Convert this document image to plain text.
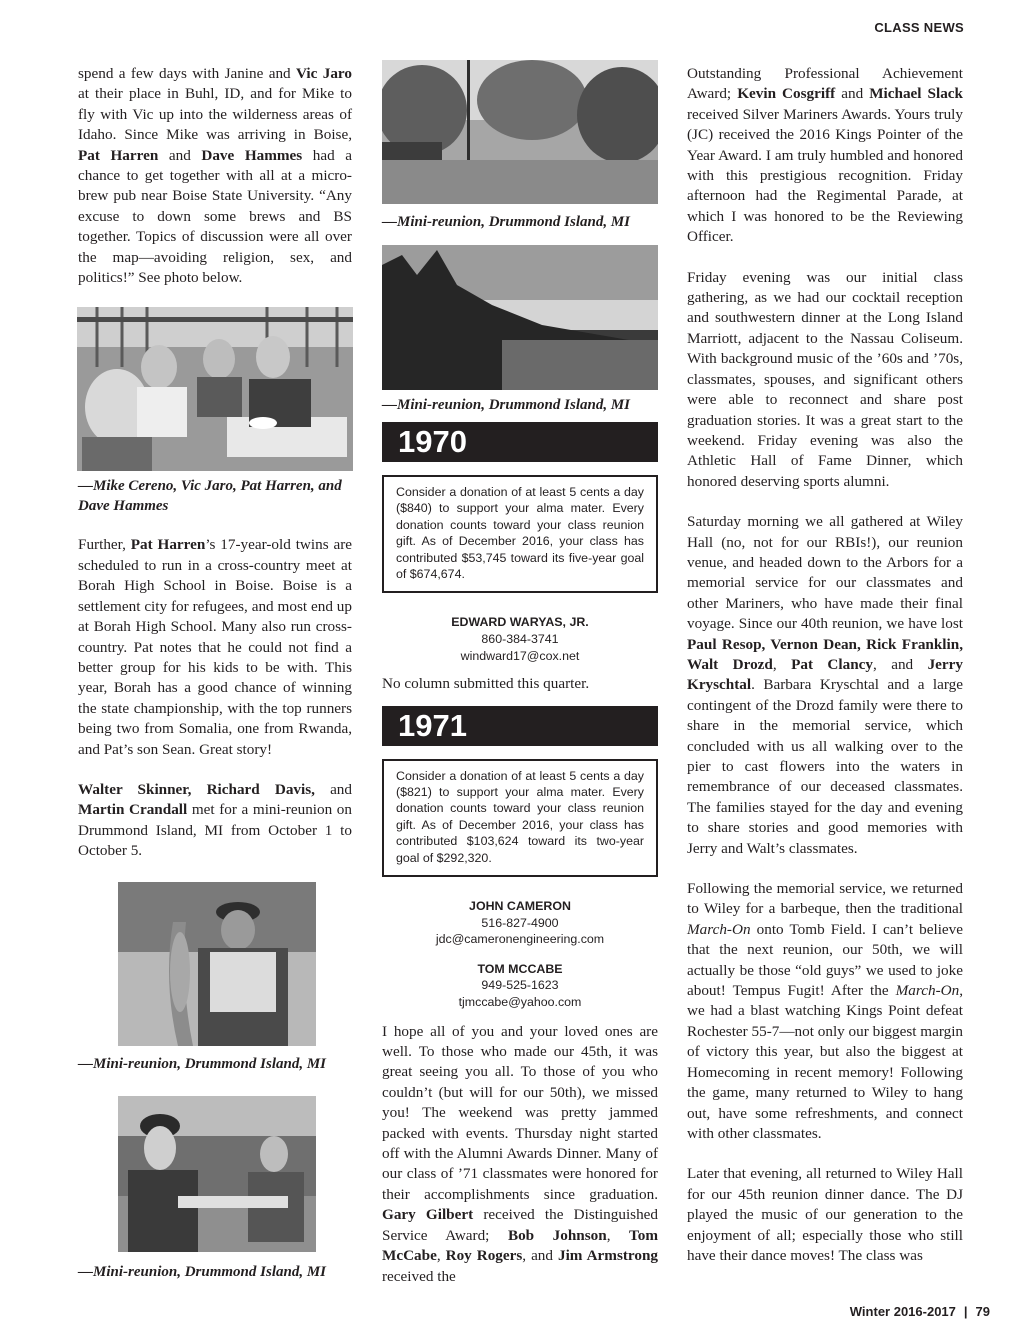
CLASS NEWS

spend a few days with Janine and Vic Jaro at their place in Buhl, ID, and for Mike to fly with Vic up into the wilderness areas of Idaho. Since Mike was arriving in Boise, Pat Harren and Dave Hammes had a chance to get together with all at a micro-brew pub near Boise State University. “Any excuse to down some brews and BS together. Topics of discussion were all over the map—avoiding religion, sex, and politics!” See photo below.

—Mike Cereno, Vic Jaro, Pat Harren, and Dave Hammes

Further, Pat Harren’s 17-year-old twins are scheduled to run in a cross-country meet at Borah High School in Boise. Boise is a settlement city for refugees, and most end up at Borah High School. Many also run cross-country. Pat notes that he could not find a better group for his kids to be with. This year, Borah has a good chance of winning the state championship, with the top runners being two from Somalia, one from Rwanda, and Pat’s son Sean. Great story!

Walter Skinner, Richard Davis, and Martin Crandall met for a mini-reunion on Drummond Island, MI from October 1 to October 5.

—Mini-reunion, Drummond Island, MI

—Mini-reunion, Drummond Island, MI

—Mini-reunion, Drummond Island, MI

—Mini-reunion, Drummond Island, MI

1970
Consider a donation of at least 5 cents a day ($840) to support your alma mater. Every donation counts toward your class reunion gift. As of December 2016, your class has contributed $53,745 toward its five-year goal of $674,674.
EDWARD WARYAS, JR.
860-384-3741
windward17@cox.net

No column submitted this quarter.

1971
Consider a donation of at least 5 cents a day ($821) to support your alma mater. Every donation counts toward your class reunion gift. As of December 2016, your class has contributed $103,624 toward its two-year goal of $292,320.
JOHN CAMERON
516-827-4900
jdc@cameronengineering.com
TOM MCCABE
949-525-1623
tjmccabe@yahoo.com

I hope all of you and your loved ones are well. To those who made our 45th, it was great seeing you all. To those of you who couldn’t (but will for our 50th), we missed you! The weekend was pretty jammed packed with events. Thursday night started off with the Alumni Awards Dinner. Many of our class of ’71 classmates were honored for their accomplishments since graduation. Gary Gilbert received the Distinguished Service Award; Bob Johnson, Tom McCabe, Roy Rogers, and Jim Armstrong received the

Outstanding Professional Achievement Award; Kevin Cosgriff and Michael Slack received Silver Mariners Awards. Yours truly (JC) received the 2016 Kings Pointer of the Year Award. I am truly humbled and honored with this prestigious recognition. Friday afternoon had the Regimental Parade, at which I was honored to be the Reviewing Officer.

Friday evening was our initial class gathering, as we had our cocktail reception and southwestern dinner at the Long Island Marriott, adjacent to the Nassau Coliseum. With background music of the ’60s and ’70s, classmates, spouses, and significant others were able to reconnect and share post graduation stories. It was a great start to the weekend. Friday evening was also the Athletic Hall of Fame Dinner, which honored deserving sports alumni.

Saturday morning we all gathered at Wiley Hall (no, not for our RBIs!), our reunion venue, and headed down to the Arbors for a memorial service for our classmates and other Mariners, who have made their final voyage. Since our 40th reunion, we have lost Paul Resop, Vernon Dean, Rick Franklin, Walt Drozd, Pat Clancy, and Jerry Kryschtal. Barbara Kryschtal and a large contingent of the Drozd family were there to share in the memorial service, which concluded with us all walking over to the pier to cast flowers into the waters in remembrance of our deceased classmates. The families stayed for the day and evening to share stories and good memories with Jerry and Walt’s classmates.

Following the memorial service, we returned to Wiley for a barbeque, then the traditional March-On onto Tomb Field. I can’t believe that the next reunion, our 50th, we will actually be those “old guys” we used to joke about! Tempus Fugit! After the March-On, we had a blast watching Kings Point defeat Rochester 55-7—not only our biggest margin of victory this year, but also the biggest at Homecoming in recent memory! Following the game, many returned to Wiley to hang out, have some refreshments, and connect with other classmates.

Later that evening, all returned to Wiley Hall for our 45th reunion dinner dance. The DJ played the music of our generation to the enjoyment of all; especially those who still have their dance moves! The class was

Winter 2016-2017 | 79
